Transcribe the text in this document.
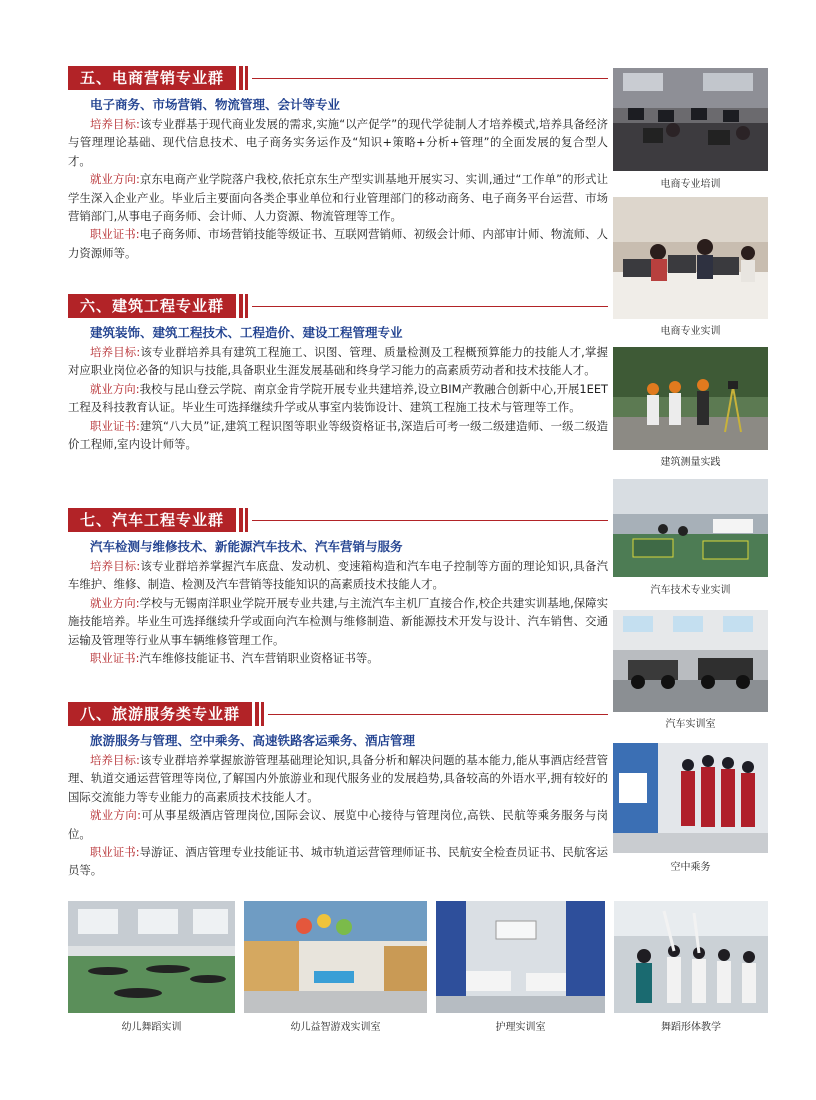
五、电商营销专业群
电子商务、市场营销、物流管理、会计等专业

培养目标:该专业群基于现代商业发展的需求,实施“以产促学”的现代学徒制人才培养模式,培养具备经济与管理理论基础、现代信息技术、电子商务实务运作及“知识+策略+分析+管理”的全面发展的复合型人才。

就业方向:京东电商产业学院落户我校,依托京东生产型实训基地开展实习、实训,通过“工作单”的形式让学生深入企业产业。毕业后主要面向各类企事业单位和行业管理部门的移动商务、电子商务平台运营、市场营销部门,从事电子商务师、会计师、人力资源、物流管理等工作。

职业证书:电子商务师、市场营销技能等级证书、互联网营销师、初级会计师、内部审计师、物流师、人力资源师等。

六、建筑工程专业群
建筑装饰、建筑工程技术、工程造价、建设工程管理专业

培养目标:该专业群培养具有建筑工程施工、识图、管理、质量检测及工程概预算能力的技能人才,掌握对应职业岗位必备的知识与技能,具备职业生涯发展基础和终身学习能力的高素质劳动者和技术技能人才。

就业方向:我校与昆山登云学院、南京金肯学院开展专业共建培养,设立BIM产教融合创新中心,开展1EET工程及科技教育认证。毕业生可选择继续升学或从事室内装饰设计、建筑工程施工技术与管理等工作。

职业证书:建筑“八大员”证,建筑工程识图等职业等级资格证书,深造后可考一级二级建造师、一级二级造价工程师,室内设计师等。

七、汽车工程专业群
汽车检测与维修技术、新能源汽车技术、汽车营销与服务

培养目标:该专业群培养掌握汽车底盘、发动机、变速箱构造和汽车电子控制等方面的理论知识,具备汽车维护、维修、制造、检测及汽车营销等技能知识的高素质技术技能人才。

就业方向:学校与无锡南洋职业学院开展专业共建,与主流汽车主机厂直接合作,校企共建实训基地,保障实施技能培养。毕业生可选择继续升学或面向汽车检测与维修制造、新能源技术开发与设计、汽车销售、交通运输及管理等行业从事车辆维修管理工作。

职业证书:汽车维修技能证书、汽车营销职业资格证书等。

八、旅游服务类专业群
旅游服务与管理、空中乘务、高速铁路客运乘务、酒店管理

培养目标:该专业群培养掌握旅游管理基础理论知识,具备分析和解决问题的基本能力,能从事酒店经营管理、轨道交通运营管理等岗位,了解国内外旅游业和现代服务业的发展趋势,具备较高的外语水平,拥有较好的国际交流能力等专业能力的高素质技术技能人才。

就业方向:可从事星级酒店管理岗位,国际会议、展览中心接待与管理岗位,高铁、民航等乘务服务与岗位。

职业证书:导游证、酒店管理专业技能证书、城市轨道运营管理师证书、民航安全检查员证书、民航客运员等。

电商专业培训
电商专业实训
建筑测量实践
汽车技术专业实训
汽车实训室
空中乘务
幼儿舞蹈实训	幼儿益智游戏实训室	护理实训室	舞蹈形体教学
